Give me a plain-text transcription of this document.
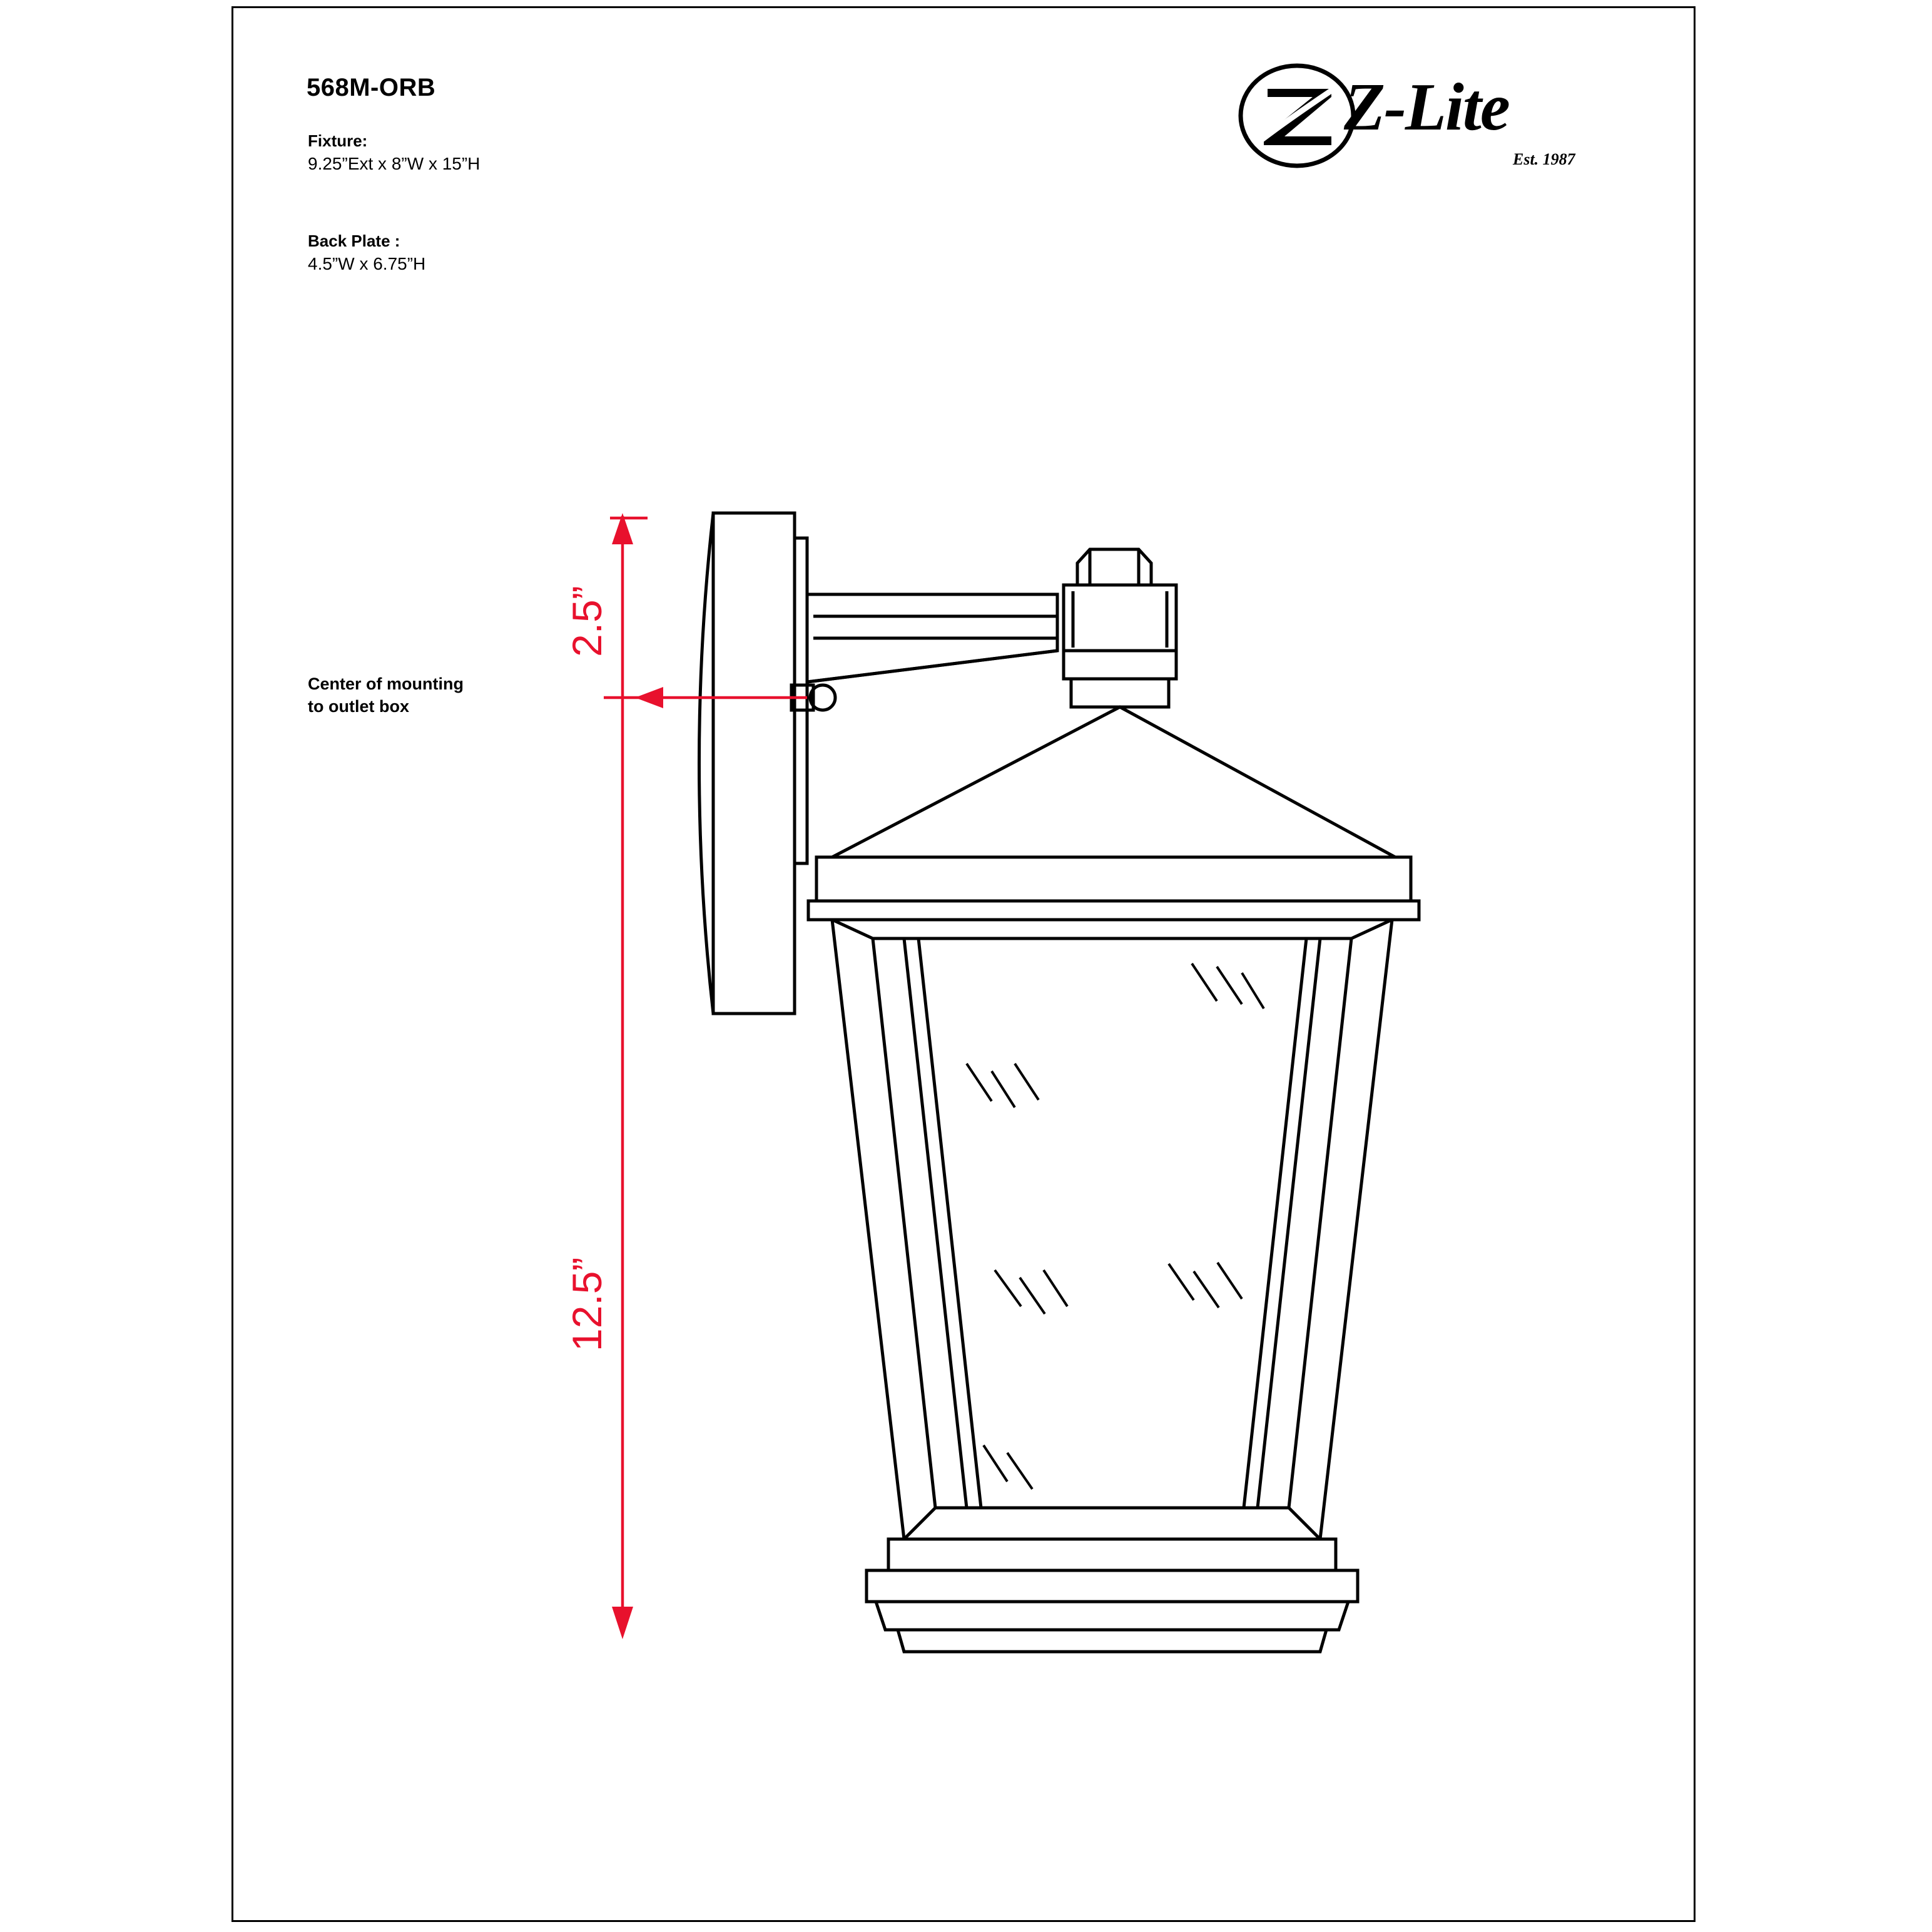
568M-ORB
Fixture:
9.25”Ext x 8”W x 15”H
Back Plate :
4.5”W x 6.75”H
Z-Lite
Est. 1987
Center of mounting
to outlet box
2.5”
12.5”
